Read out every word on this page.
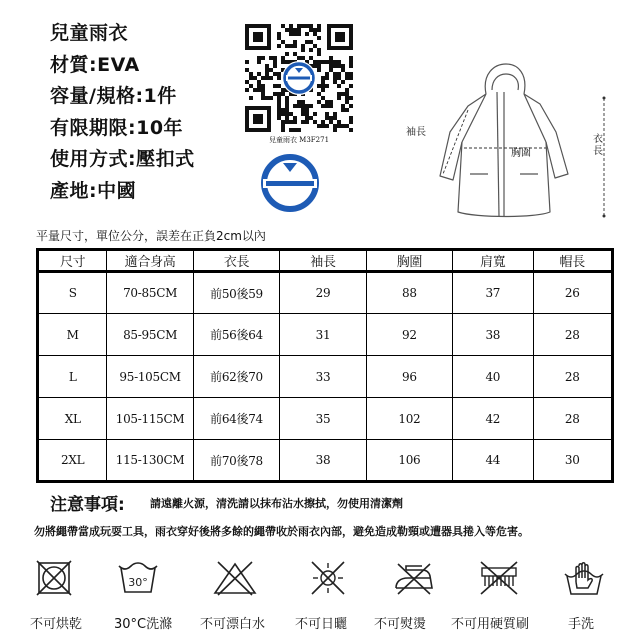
兒童雨衣
材質:EVA
容量/規格:1件
有限期限:10年
使用方式:壓扣式
產地:中國
兒童雨衣 M3F271
袖長
胸圍
衣長
平量尺寸，單位公分，誤差在正負2cm以內
尺寸	適合身高	衣長	袖長	胸圍	肩寬	帽長
S	70-85CM	前50後59	29	88	37	26
M	85-95CM	前56後64	31	92	38	28
L	95-105CM	前62後70	33	96	40	28
XL	105-115CM	前64後74	35	102	42	28
2XL	115-130CM	前70後78	38	106	44	30
注意事項: 請遠離火源，清洗請以抹布沾水擦拭，勿使用清潔劑
勿將繩帶當成玩耍工具，雨衣穿好後將多餘的繩帶收於雨衣內部，避免造成勒頸或遭器具捲入等危害。
30°
不可烘乾 30°C洗滌 不可漂白水 不可日曬 不可熨燙 不可用硬質刷	手洗
